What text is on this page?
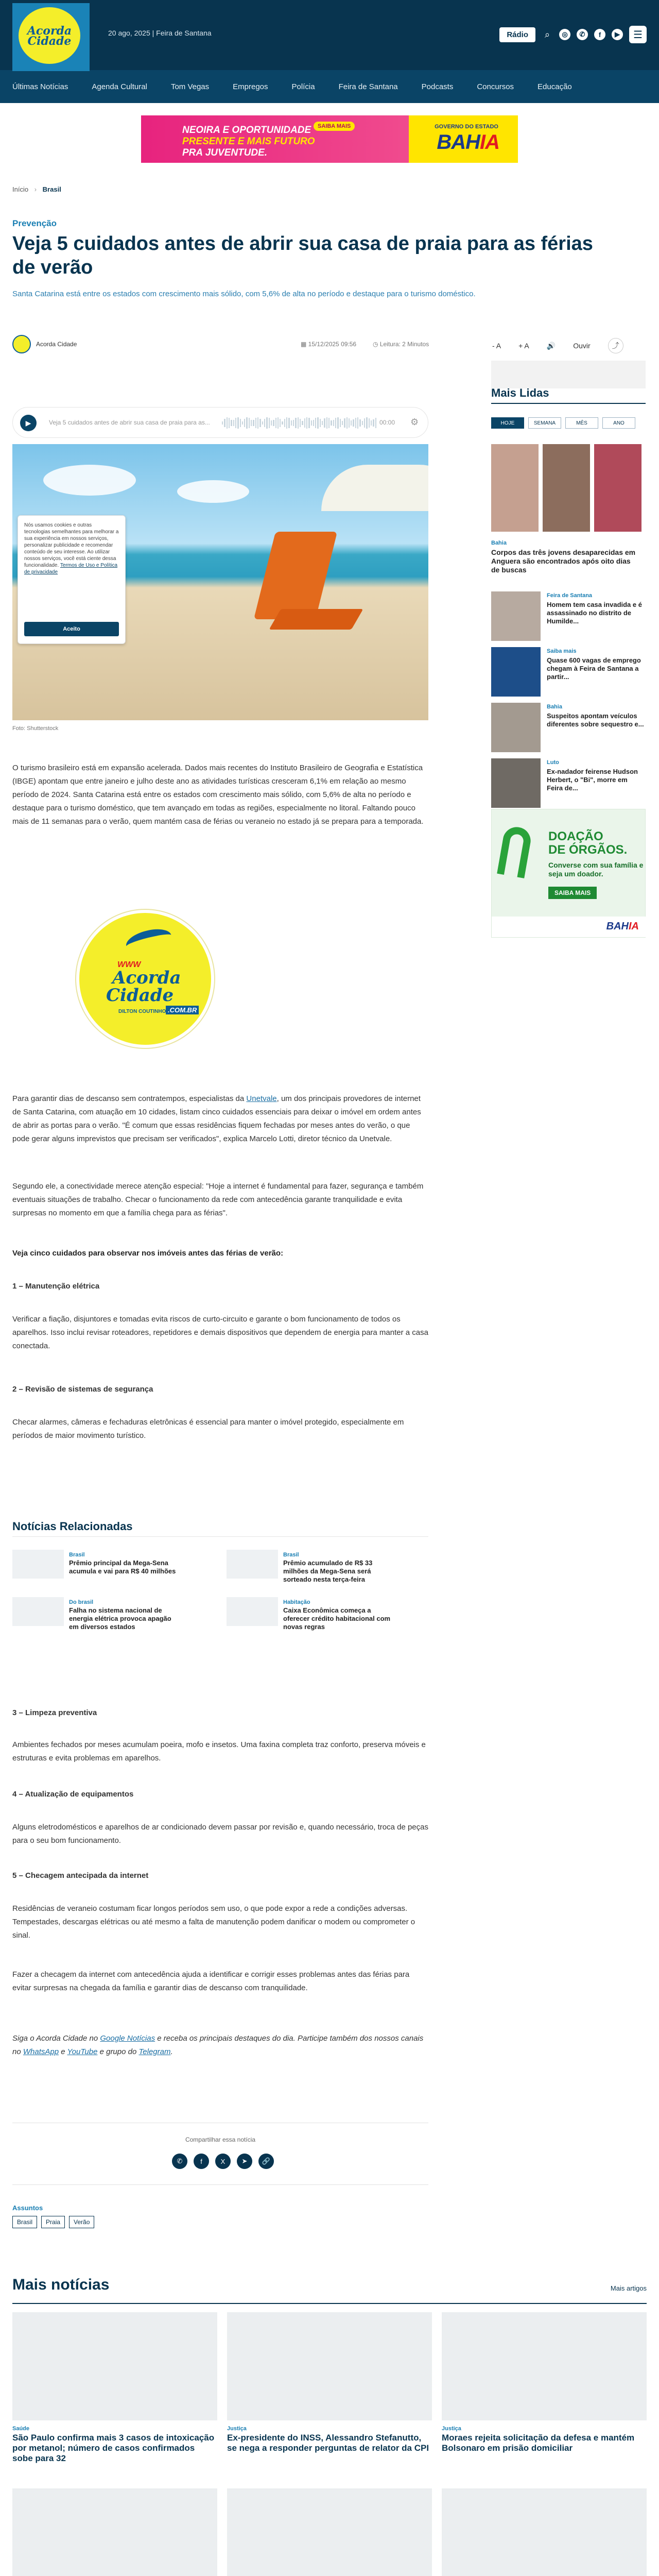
Acorda
Cidade
20 ago, 2025 | Feira de Santana	Rádio	⌕	◎	✆	f	▶	☰
Últimas Notícias	Agenda Cultural	Tom Vegas	Empregos	Polícia	Feira de Santana	Podcasts	Concursos	Educação
NEOIRA E OPORTUNIDADE
PRESENTE E MAIS FUTURO
PRA JUVENTUDE.
SAIBA MAIS	GOVERNO DO ESTADO
BAHIA
Início › Brasil
Prevenção
Veja 5 cuidados antes de abrir sua casa de praia para as férias de verão
Santa Catarina está entre os estados com crescimento mais sólido, com 5,6% de alta no período e destaque para o turismo doméstico.
Acorda Cidade	▦ 15/12/2025 09:56	◷ Leitura: 2 Minutos	- A + A 🔊 Ouvir	⤴
▶	Veja 5 cuidados antes de abrir sua casa de praia para as...	00:00 ⚙
Nós usamos cookies e outras tecnologias semelhantes para melhorar a sua experiência em nossos serviços, personalizar publicidade e recomendar conteúdo de seu interesse. Ao utilizar nossos serviços, você está ciente dessa funcionalidade. Termos de Uso e Política de privacidade
Aceito
Foto: Shutterstock

O turismo brasileiro está em expansão acelerada. Dados mais recentes do Instituto Brasileiro de Geografia e Estatística (IBGE) apontam que entre janeiro e julho deste ano as atividades turísticas cresceram 6,1% em relação ao mesmo período de 2024. Santa Catarina está entre os estados com crescimento mais sólido, com 5,6% de alta no período e destaque para o turismo doméstico, que tem avançado em todas as regiões, especialmente no litoral. Faltando pouco mais de 11 semanas para o verão, quem mantém casa de férias ou veraneio no estado já se prepara para a temporada.

WWW
Acorda
Cidade
DILTON COUTINHO .COM.BR

Para garantir dias de descanso sem contratempos, especialistas da Unetvale, um dos principais provedores de internet de Santa Catarina, com atuação em 10 cidades, listam cinco cuidados essenciais para deixar o imóvel em ordem antes de abrir as portas para o verão. "É comum que essas residências fiquem fechadas por meses antes do verão, o que pode gerar alguns imprevistos que precisam ser verificados", explica Marcelo Lotti, diretor técnico da Unetvale.

Segundo ele, a conectividade merece atenção especial: "Hoje a internet é fundamental para fazer, segurança e também eventuais situações de trabalho. Checar o funcionamento da rede com antecedência garante tranquilidade e evita surpresas no momento em que a família chega para as férias".

Veja cinco cuidados para observar nos imóveis antes das férias de verão:

1 – Manutenção elétrica

Verificar a fiação, disjuntores e tomadas evita riscos de curto-circuito e garante o bom funcionamento de todos os aparelhos. Isso inclui revisar roteadores, repetidores e demais dispositivos que dependem de energia para manter a casa conectada.

2 – Revisão de sistemas de segurança

Checar alarmes, câmeras e fechaduras eletrônicas é essencial para manter o imóvel protegido, especialmente em períodos de maior movimento turístico.

Notícias Relacionadas
Brasil
Prêmio principal da Mega-Sena acumula e vai para R$ 40 milhões
Brasil
Prêmio acumulado de R$ 33 milhões da Mega-Sena será sorteado nesta terça-feira
Do brasil
Falha no sistema nacional de energia elétrica provoca apagão em diversos estados
Habitação
Caixa Econômica começa a oferecer crédito habitacional com novas regras
3 – Limpeza preventiva

Ambientes fechados por meses acumulam poeira, mofo e insetos. Uma faxina completa traz conforto, preserva móveis e estruturas e evita problemas em aparelhos.

4 – Atualização de equipamentos

Alguns eletrodomésticos e aparelhos de ar condicionado devem passar por revisão e, quando necessário, troca de peças para o seu bom funcionamento.

5 – Checagem antecipada da internet

Residências de veraneio costumam ficar longos períodos sem uso, o que pode expor a rede a condições adversas. Tempestades, descargas elétricas ou até mesmo a falta de manutenção podem danificar o modem ou comprometer o sinal.

Fazer a checagem da internet com antecedência ajuda a identificar e corrigir esses problemas antes das férias para evitar surpresas na chegada da família e garantir dias de descanso com tranquilidade.

Siga o Acorda Cidade no Google Notícias e receba os principais destaques do dia. Participe também dos nossos canais no WhatsApp e YouTube e grupo do Telegram.

Compartilhar essa notícia
✆	f	X	➤	🔗
Assuntos
Brasil	Praia	Verão
Mais notícias	Mais artigos
Saúde
São Paulo confirma mais 3 casos de intoxicação por metanol; número de casos confirmados sobe para 32
Justiça
Ex-presidente do INSS, Alessandro Stefanutto, se nega a responder perguntas de relator da CPI
Justiça
Moraes rejeita solicitação da defesa e mantém Bolsonaro em prisão domiciliar
Mais Lidas
HOJE	SEMANA	MÊS	ANO
Bahia
Corpos das três jovens desaparecidas em Anguera são encontrados após oito dias de buscas
Feira de Santana
Homem tem casa invadida e é assassinado no distrito de Humilde...
Saiba mais
Quase 600 vagas de emprego chegam à Feira de Santana a partir...
Bahia
Suspeitos apontam veículos diferentes sobre sequestro e...
Luto
Ex-nadador feirense Hudson Herbert, o "Bi", morre em Feira de...
DOAÇÃO
DE ÓRGÃOS.
Converse com sua família e seja um doador.
SAIBA MAIS
BAHIA
